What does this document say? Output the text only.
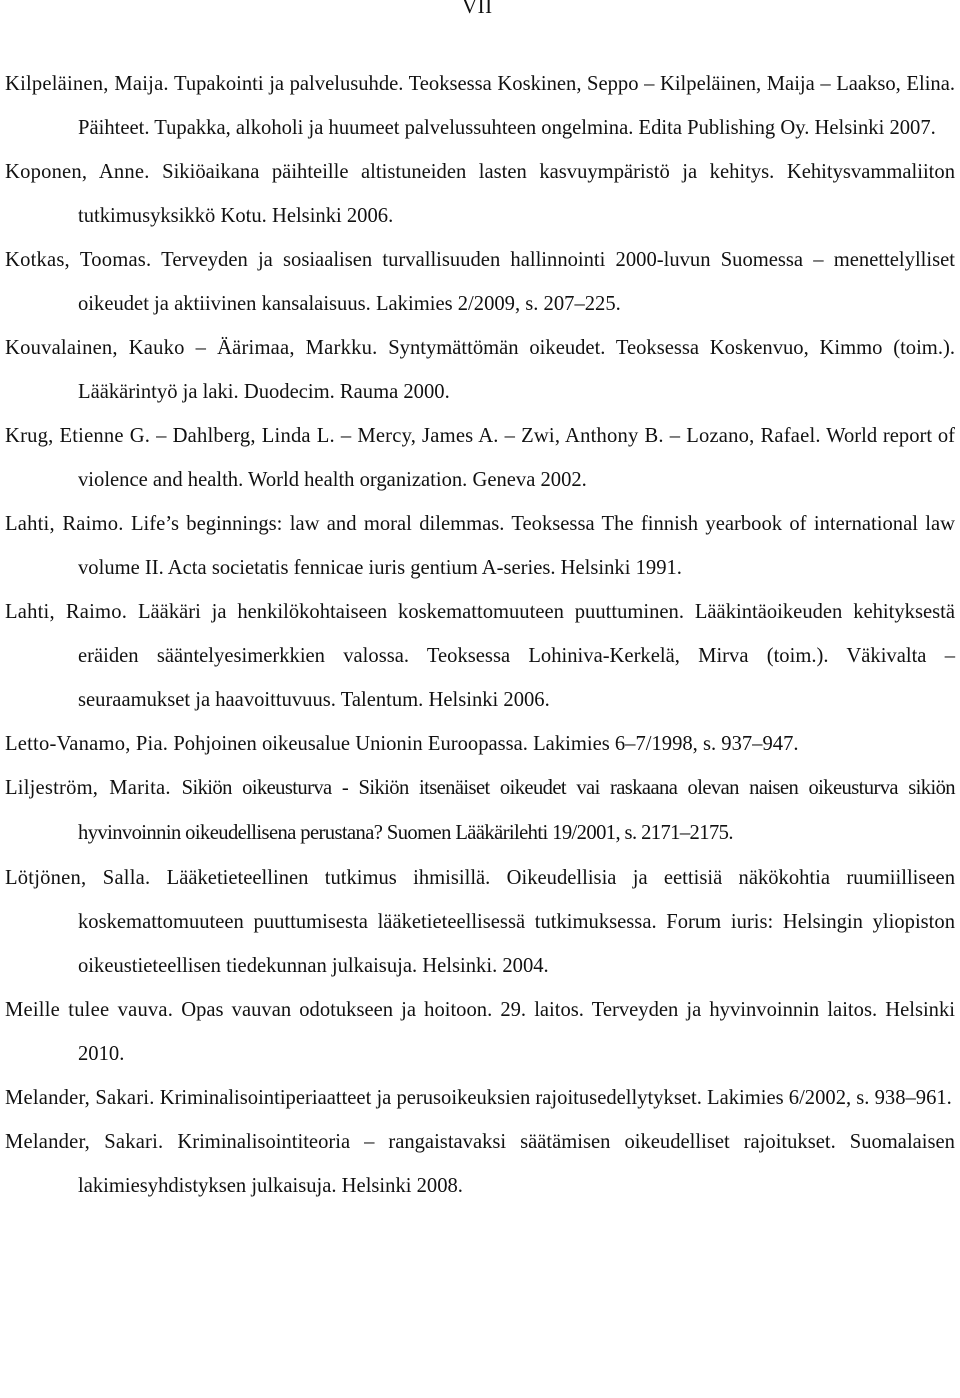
VII
Kilpeläinen, Maija. Tupakointi ja palvelusuhde. Teoksessa Koskinen, Seppo – Kilpeläinen, Maija – Laakso, Elina. Päihteet. Tupakka, alkoholi ja huumeet palvelussuhteen ongelmina. Edita Publishing Oy. Helsinki 2007.
Koponen, Anne. Sikiöaikana päihteille altistuneiden lasten kasvuympäristö ja kehitys. Kehitysvammaliiton tutkimusyksikkö Kotu. Helsinki 2006.
Kotkas, Toomas. Terveyden ja sosiaalisen turvallisuuden hallinnointi 2000-luvun Suomessa – menettelylliset oikeudet ja aktiivinen kansalaisuus. Lakimies 2/2009, s. 207–225.
Kouvalainen, Kauko – Äärimaa, Markku. Syntymättömän oikeudet. Teoksessa Koskenvuo, Kimmo (toim.). Lääkärintyö ja laki. Duodecim. Rauma 2000.
Krug, Etienne G. – Dahlberg, Linda L. – Mercy, James A. – Zwi, Anthony B. – Lozano, Rafael. World report of violence and health. World health organization. Geneva 2002.
Lahti, Raimo. Life’s beginnings: law and moral dilemmas. Teoksessa The finnish yearbook of international law volume II. Acta societatis fennicae iuris gentium A-series. Helsinki 1991.
Lahti, Raimo. Lääkäri ja henkilökohtaiseen koskemattomuuteen puuttuminen. Lääkintäoikeuden kehityksestä eräiden sääntelyesimerkkien valossa. Teoksessa Lohiniva-Kerkelä, Mirva (toim.). Väkivalta – seuraamukset ja haavoittuvuus. Talentum. Helsinki 2006.
Letto-Vanamo, Pia. Pohjoinen oikeusalue Unionin Euroopassa. Lakimies 6–7/1998, s. 937–947.
Liljeström, Marita. Sikiön oikeusturva - Sikiön itsenäiset oikeudet vai raskaana olevan naisen oikeusturva sikiön hyvinvoinnin oikeudellisena perustana? Suomen Lääkärilehti 19/2001, s. 2171–2175.
Lötjönen, Salla. Lääketieteellinen tutkimus ihmisillä. Oikeudellisia ja eettisiä näkökohtia ruumiilliseen koskemattomuuteen puuttumisesta lääketieteellisessä tutkimuksessa. Forum iuris: Helsingin yliopiston oikeustieteellisen tiedekunnan julkaisuja. Helsinki. 2004.
Meille tulee vauva. Opas vauvan odotukseen ja hoitoon. 29. laitos. Terveyden ja hyvinvoinnin laitos. Helsinki 2010.
Melander, Sakari. Kriminalisointiperiaatteet ja perusoikeuksien rajoitusedellytykset. Lakimies 6/2002, s. 938–961.
Melander, Sakari. Kriminalisointiteoria – rangaistavaksi säätämisen oikeudelliset rajoitukset. Suomalaisen lakimiesyhdistyksen julkaisuja. Helsinki 2008.
